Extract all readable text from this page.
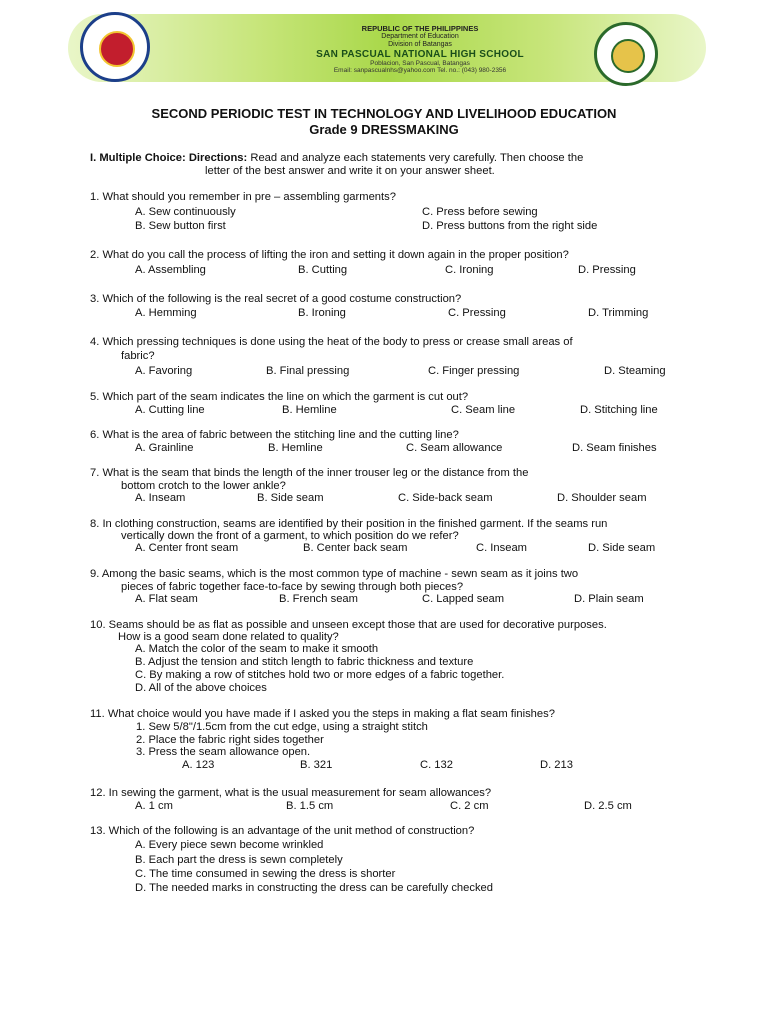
REPUBLIC OF THE PHILIPPINES
Department of Education
Division of Batangas
SAN PASCUAL NATIONAL HIGH SCHOOL
Poblacion, San Pascual, Batangas
Email: sanpascualnhs@yahoo.com Tel. no.: (043) 980-2356
SECOND PERIODIC TEST IN TECHNOLOGY AND LIVELIHOOD EDUCATION
Grade 9 DRESSMAKING
I. Multiple Choice: Directions: Read and analyze each statements very carefully. Then choose the
letter of the best answer and write it on your answer sheet.
1. What should you remember in pre – assembling garments?
A. Sew continuously	C. Press before sewing
B. Sew button first	D. Press buttons from the right side
2. What do you call the process of lifting the iron and setting it down again in the proper position?
A. Assembling	B. Cutting	C. Ironing	D. Pressing
3. Which of the following is the real secret of a good costume construction?
A. Hemming	B. Ironing	C. Pressing	D. Trimming
4. Which pressing techniques is done using the heat of the body to press or crease small areas of
fabric?
A. Favoring	B. Final pressing	C. Finger pressing	D. Steaming
5. Which part of the seam indicates the line on which the garment is cut out?
A. Cutting line	B. Hemline	C. Seam line	D. Stitching line
6. What is the area of fabric between the stitching line and the cutting line?
A. Grainline	B. Hemline	C. Seam allowance	D. Seam finishes
7. What is the seam that binds the length of the inner trouser leg or the distance from the
bottom crotch to the lower ankle?
A. Inseam	B. Side seam	C. Side-back seam	D. Shoulder seam
8. In clothing construction, seams are identified by their position in the finished garment. If the seams run
vertically down the front of a garment, to which position do we refer?
A. Center front seam	B. Center back seam	C. Inseam	D. Side seam
9. Among the basic seams, which is the most common type of machine - sewn seam as it joins two
pieces of fabric together face-to-face by sewing through both pieces?
A. Flat seam	B. French seam	C. Lapped seam	D. Plain seam
10. Seams should be as flat as possible and unseen except those that are used for decorative purposes.
How is a good seam done related to quality?
A. Match the color of the seam to make it smooth
B. Adjust the tension and stitch length to fabric thickness and texture
C. By making a row of stitches hold two or more edges of a fabric together.
D. All of the above choices
11. What choice would you have made if I asked you the steps in making a flat seam finishes?
1. Sew 5/8"/1.5cm from the cut edge, using a straight stitch
2. Place the fabric right sides together
3. Press the seam allowance open.
A. 123	B. 321	C. 132	D. 213
12. In sewing the garment, what is the usual measurement for seam allowances?
A. 1 cm	B. 1.5 cm	C. 2 cm	D. 2.5 cm
13. Which of the following is an advantage of the unit method of construction?
A. Every piece sewn become wrinkled
B. Each part the dress is sewn completely
C. The time consumed in sewing the dress is shorter
D. The needed marks in constructing the dress can be carefully checked
